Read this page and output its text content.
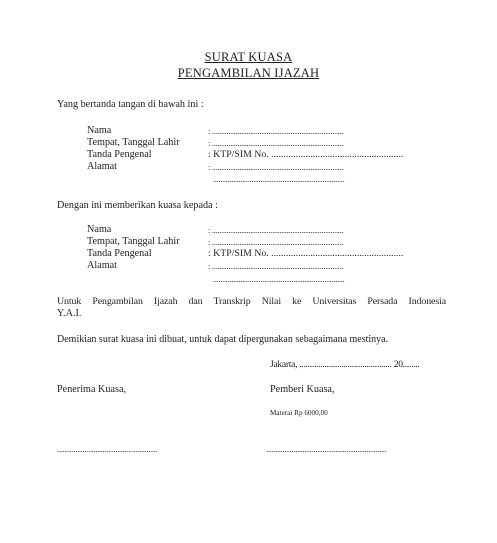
SURAT KUASA
PENGAMBILAN IJAZAH
Yang bertanda tangan di bawah ini :
Nama	: ........................................................................
Tempat, Tanggal Lahir	: ........................................................................
Tanda Pengenal	: KTP/SIM No. ......................................................
Alamat	: ........................................................................
........................................................................
Dengan ini memberikan kuasa kepada :
Nama	: ........................................................................
Tempat, Tanggal Lahir	: ........................................................................
Tanda Pengenal	: KTP/SIM No. ......................................................
Alamat	: ........................................................................
........................................................................
Untuk Pengambilan Ijazah dan Transkrip Nilai ke Universitas Persada Indonesia
Y.A.I.
Demikian surat kuasa ini dibuat, untuk dapat dipergunakan sebagaimana mestinya.
Jakarta, ............................................ 20........
Penerima Kuasa,	Pemberi Kuasa,
Materai Rp 6000,00
.......................................................	..................................................................
